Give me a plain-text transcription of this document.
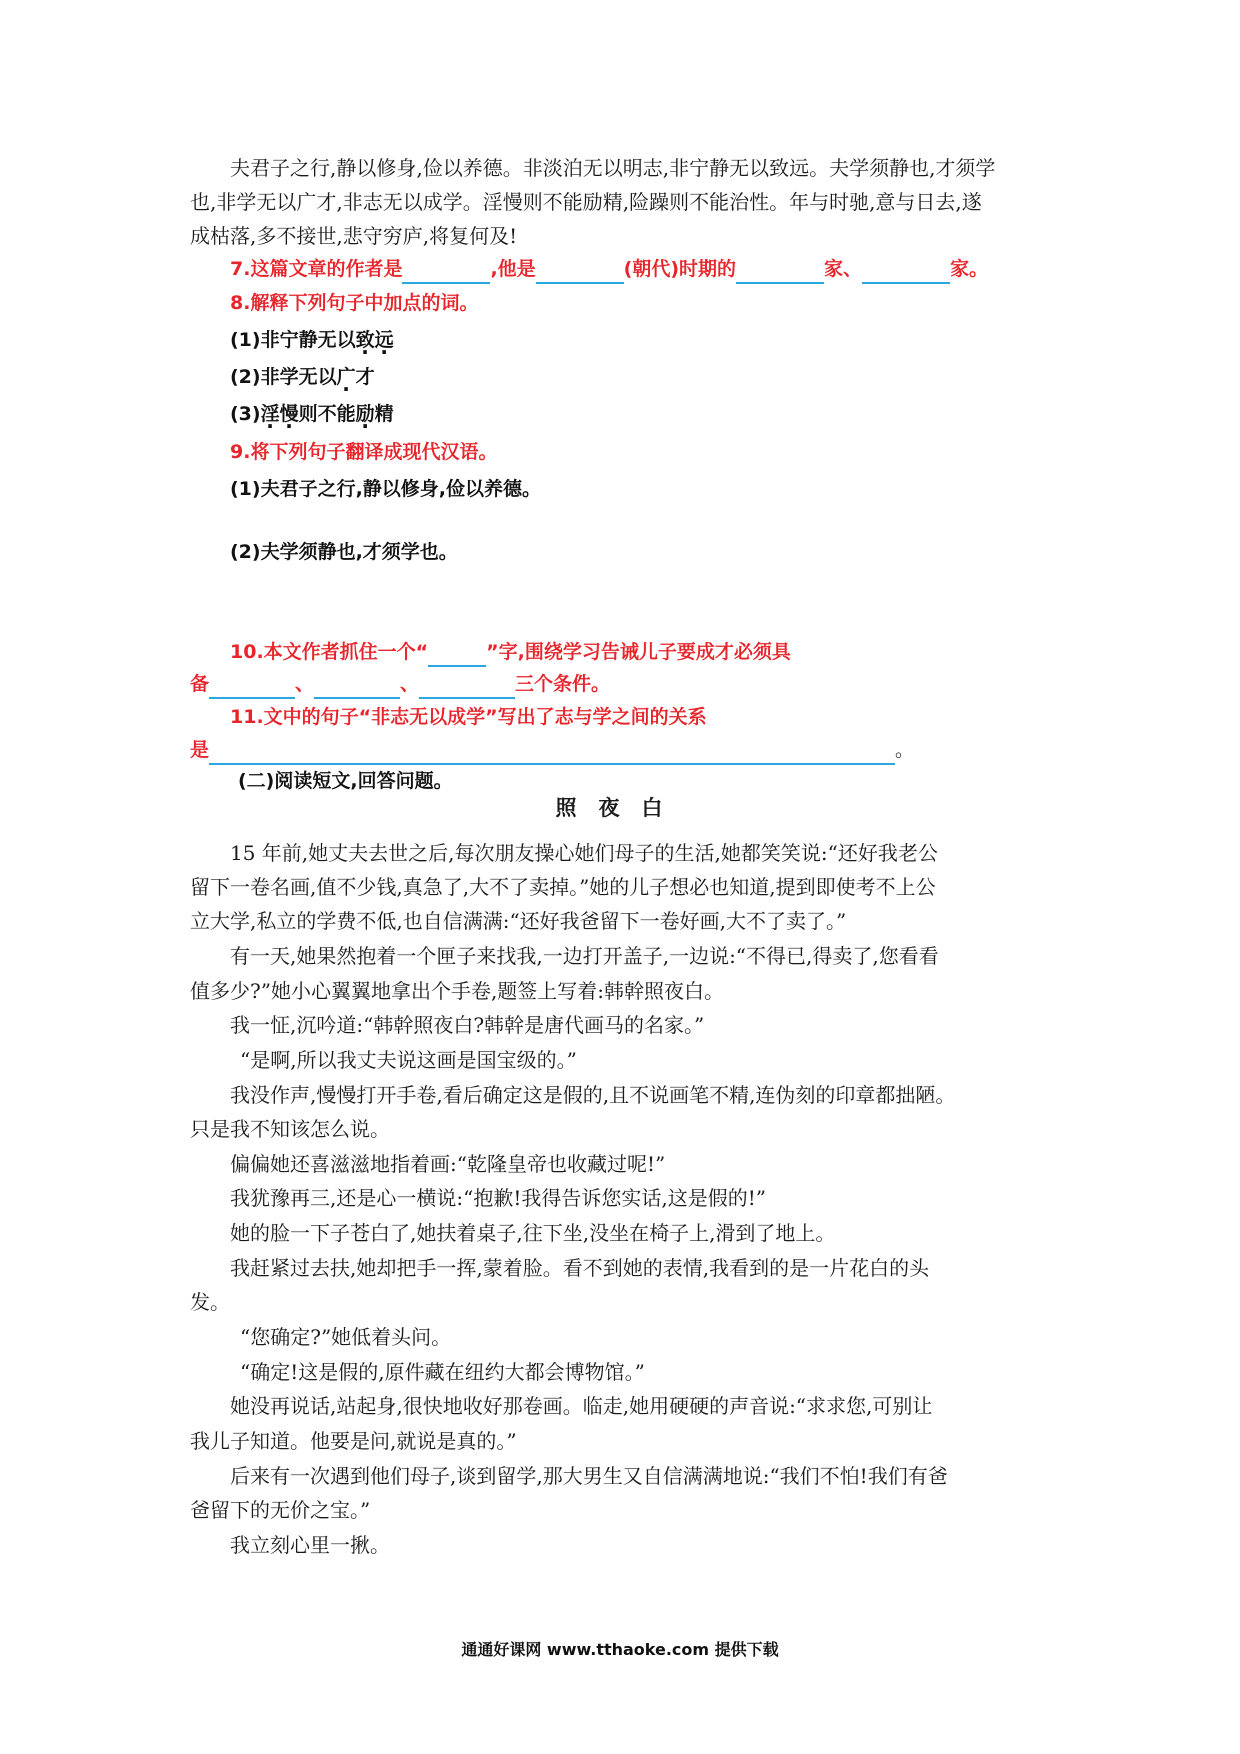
夫君子之行,静以修身,俭以养德。非淡泊无以明志,非宁静无以致远。夫学须静也,才须学
也,非学无以广才,非志无以成学。淫慢则不能励精,险躁则不能治性。年与时驰,意与日去,遂
成枯落,多不接世,悲守穷庐,将复何及!
7.这篇文章的作者是	,他是	(朝代)时期的	家、	家。
8.解释下列句子中加点的词。
(1)非宁静无以致远
(2)非学无以广才
(3)淫慢则不能励精
9.将下列句子翻译成现代汉语。
(1)夫君子之行,静以修身,俭以养德。
(2)夫学须静也,才须学也。
10.本文作者抓住一个“	”字,围绕学习告诫儿子要成才必须具
备	、	、	三个条件。
11.文中的句子“非志无以成学”写出了志与学之间的关系
是	。
(二)阅读短文,回答问题。
照夜白
15 年前,她丈夫去世之后,每次朋友操心她们母子的生活,她都笑笑说:“还好我老公
留下一卷名画,值不少钱,真急了,大不了卖掉。”她的儿子想必也知道,提到即使考不上公
立大学,私立的学费不低,也自信满满:“还好我爸留下一卷好画,大不了卖了。”
有一天,她果然抱着一个匣子来找我,一边打开盖子,一边说:“不得已,得卖了,您看看
值多少?”她小心翼翼地拿出个手卷,题签上写着:韩幹照夜白。
我一怔,沉吟道:“韩幹照夜白?韩幹是唐代画马的名家。”
“是啊,所以我丈夫说这画是国宝级的。”
我没作声,慢慢打开手卷,看后确定这是假的,且不说画笔不精,连伪刻的印章都拙陋。
只是我不知该怎么说。
偏偏她还喜滋滋地指着画:“乾隆皇帝也收藏过呢!”
我犹豫再三,还是心一横说:“抱歉!我得告诉您实话,这是假的!”
她的脸一下子苍白了,她扶着桌子,往下坐,没坐在椅子上,滑到了地上。
我赶紧过去扶,她却把手一挥,蒙着脸。看不到她的表情,我看到的是一片花白的头
发。
“您确定?”她低着头问。
“确定!这是假的,原件藏在纽约大都会博物馆。”
她没再说话,站起身,很快地收好那卷画。临走,她用硬硬的声音说:“求求您,可别让
我儿子知道。他要是问,就说是真的。”
后来有一次遇到他们母子,谈到留学,那大男生又自信满满地说:“我们不怕!我们有爸
爸留下的无价之宝。”
我立刻心里一揪。
通通好课网 www.tthaoke.com 提供下载
